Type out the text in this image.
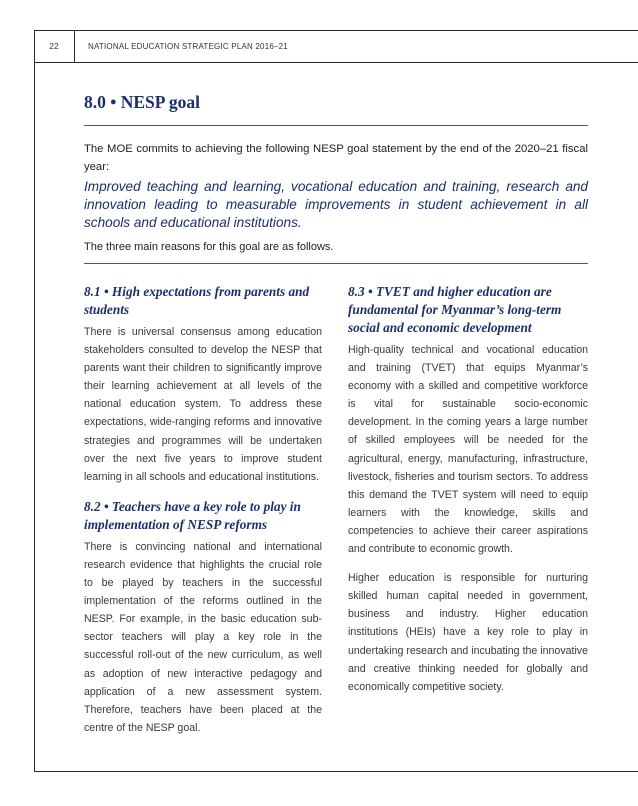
22	NATIONAL EDUCATION STRATEGIC PLAN 2016–21
8.0 • NESP goal

The MOE commits to achieving the following NESP goal statement by the end of the 2020–21 fiscal year:

Improved teaching and learning, vocational education and training, research and innovation leading to measurable improvements in student achievement in all schools and educational institutions.

The three main reasons for this goal are as follows.

8.1 • High expectations from parents and students

There is universal consensus among education stakeholders consulted to develop the NESP that parents want their children to significantly improve their learning achievement at all levels of the national education system. To address these expectations, wide-ranging reforms and innovative strategies and programmes will be undertaken over the next five years to improve student learning in all schools and educational institutions.

8.2 • Teachers have a key role to play in implementation of NESP reforms

There is convincing national and international research evidence that highlights the crucial role to be played by teachers in the successful implementation of the reforms outlined in the NESP. For example, in the basic education sub-sector teachers will play a key role in the successful roll-out of the new curriculum, as well as adoption of new interactive pedagogy and application of a new assessment system. Therefore, teachers have been placed at the centre of the NESP goal.

8.3 • TVET and higher education are fundamental for Myanmar’s long-term social and economic development

High-quality technical and vocational education and training (TVET) that equips Myanmar’s economy with a skilled and competitive workforce is vital for sustainable socio-economic development. In the coming years a large number of skilled employees will be needed for the agricultural, energy, manufacturing, infrastructure, livestock, fisheries and tourism sectors. To address this demand the TVET system will need to equip learners with the knowledge, skills and competencies to achieve their career aspirations and contribute to economic growth.

Higher education is responsible for nurturing skilled human capital needed in government, business and industry. Higher education institutions (HEIs) have a key role to play in undertaking research and incubating the innovative and creative thinking needed for globally and economically competitive society.
